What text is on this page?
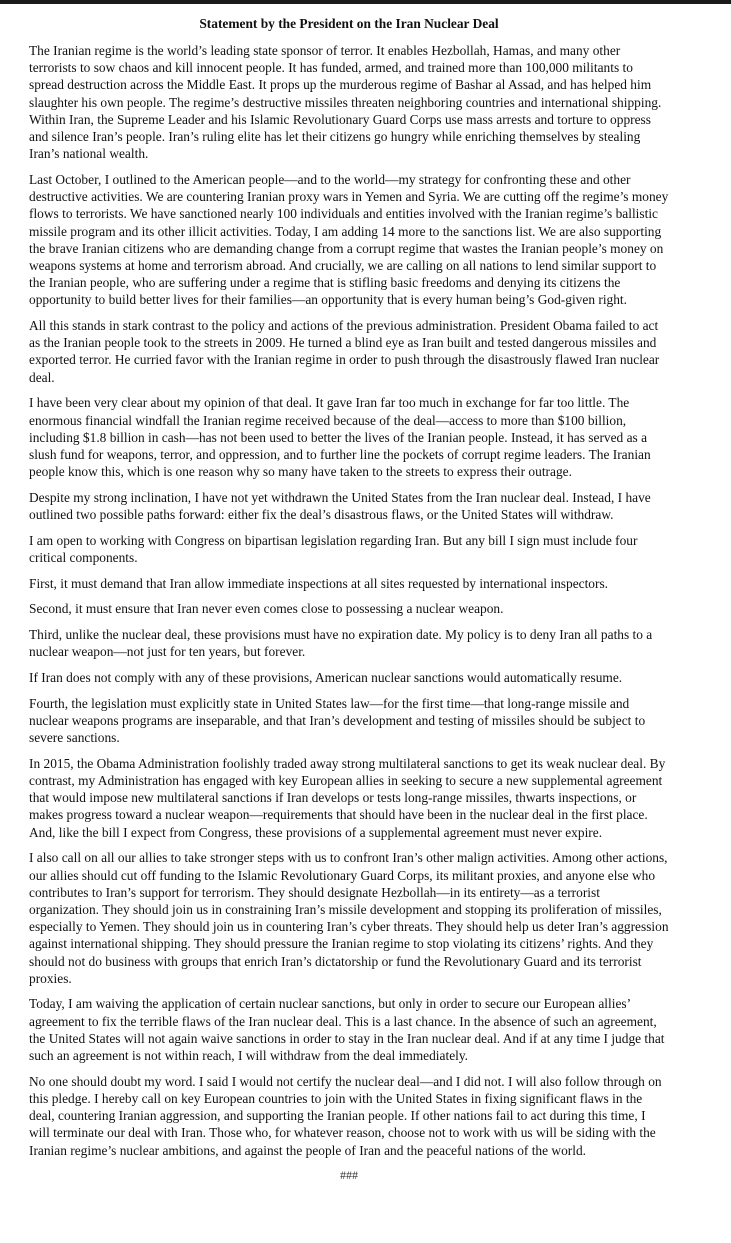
Statement by the President on the Iran Nuclear Deal

The Iranian regime is the world’s leading state sponsor of terror. It enables Hezbollah, Hamas, and many other terrorists to sow chaos and kill innocent people. It has funded, armed, and trained more than 100,000 militants to spread destruction across the Middle East. It props up the murderous regime of Bashar al Assad, and has helped him slaughter his own people. The regime’s destructive missiles threaten neighboring countries and international shipping. Within Iran, the Supreme Leader and his Islamic Revolutionary Guard Corps use mass arrests and torture to oppress and silence Iran’s people. Iran’s ruling elite has let their citizens go hungry while enriching themselves by stealing Iran’s national wealth.

Last October, I outlined to the American people—and to the world—my strategy for confronting these and other destructive activities. We are countering Iranian proxy wars in Yemen and Syria. We are cutting off the regime’s money flows to terrorists. We have sanctioned nearly 100 individuals and entities involved with the Iranian regime’s ballistic missile program and its other illicit activities. Today, I am adding 14 more to the sanctions list. We are also supporting the brave Iranian citizens who are demanding change from a corrupt regime that wastes the Iranian people’s money on weapons systems at home and terrorism abroad. And crucially, we are calling on all nations to lend similar support to the Iranian people, who are suffering under a regime that is stifling basic freedoms and denying its citizens the opportunity to build better lives for their families—an opportunity that is every human being’s God-given right.

All this stands in stark contrast to the policy and actions of the previous administration. President Obama failed to act as the Iranian people took to the streets in 2009. He turned a blind eye as Iran built and tested dangerous missiles and exported terror. He curried favor with the Iranian regime in order to push through the disastrously flawed Iran nuclear deal.

I have been very clear about my opinion of that deal. It gave Iran far too much in exchange for far too little. The enormous financial windfall the Iranian regime received because of the deal—access to more than $100 billion, including $1.8 billion in cash—has not been used to better the lives of the Iranian people. Instead, it has served as a slush fund for weapons, terror, and oppression, and to further line the pockets of corrupt regime leaders. The Iranian people know this, which is one reason why so many have taken to the streets to express their outrage.

Despite my strong inclination, I have not yet withdrawn the United States from the Iran nuclear deal. Instead, I have outlined two possible paths forward: either fix the deal’s disastrous flaws, or the United States will withdraw.

I am open to working with Congress on bipartisan legislation regarding Iran. But any bill I sign must include four critical components.

First, it must demand that Iran allow immediate inspections at all sites requested by international inspectors.

Second, it must ensure that Iran never even comes close to possessing a nuclear weapon.

Third, unlike the nuclear deal, these provisions must have no expiration date. My policy is to deny Iran all paths to a nuclear weapon—not just for ten years, but forever.

If Iran does not comply with any of these provisions, American nuclear sanctions would automatically resume.

Fourth, the legislation must explicitly state in United States law—for the first time—that long-range missile and nuclear weapons programs are inseparable, and that Iran’s development and testing of missiles should be subject to severe sanctions.

In 2015, the Obama Administration foolishly traded away strong multilateral sanctions to get its weak nuclear deal. By contrast, my Administration has engaged with key European allies in seeking to secure a new supplemental agreement that would impose new multilateral sanctions if Iran develops or tests long-range missiles, thwarts inspections, or makes progress toward a nuclear weapon—requirements that should have been in the nuclear deal in the first place. And, like the bill I expect from Congress, these provisions of a supplemental agreement must never expire.

I also call on all our allies to take stronger steps with us to confront Iran’s other malign activities. Among other actions, our allies should cut off funding to the Islamic Revolutionary Guard Corps, its militant proxies, and anyone else who contributes to Iran’s support for terrorism. They should designate Hezbollah—in its entirety—as a terrorist organization. They should join us in constraining Iran’s missile development and stopping its proliferation of missiles, especially to Yemen. They should join us in countering Iran’s cyber threats. They should help us deter Iran’s aggression against international shipping. They should pressure the Iranian regime to stop violating its citizens’ rights. And they should not do business with groups that enrich Iran’s dictatorship or fund the Revolutionary Guard and its terrorist proxies.

Today, I am waiving the application of certain nuclear sanctions, but only in order to secure our European allies’ agreement to fix the terrible flaws of the Iran nuclear deal. This is a last chance. In the absence of such an agreement, the United States will not again waive sanctions in order to stay in the Iran nuclear deal. And if at any time I judge that such an agreement is not within reach, I will withdraw from the deal immediately.

No one should doubt my word. I said I would not certify the nuclear deal—and I did not. I will also follow through on this pledge. I hereby call on key European countries to join with the United States in fixing significant flaws in the deal, countering Iranian aggression, and supporting the Iranian people. If other nations fail to act during this time, I will terminate our deal with Iran. Those who, for whatever reason, choose not to work with us will be siding with the Iranian regime’s nuclear ambitions, and against the people of Iran and the peaceful nations of the world.

###
